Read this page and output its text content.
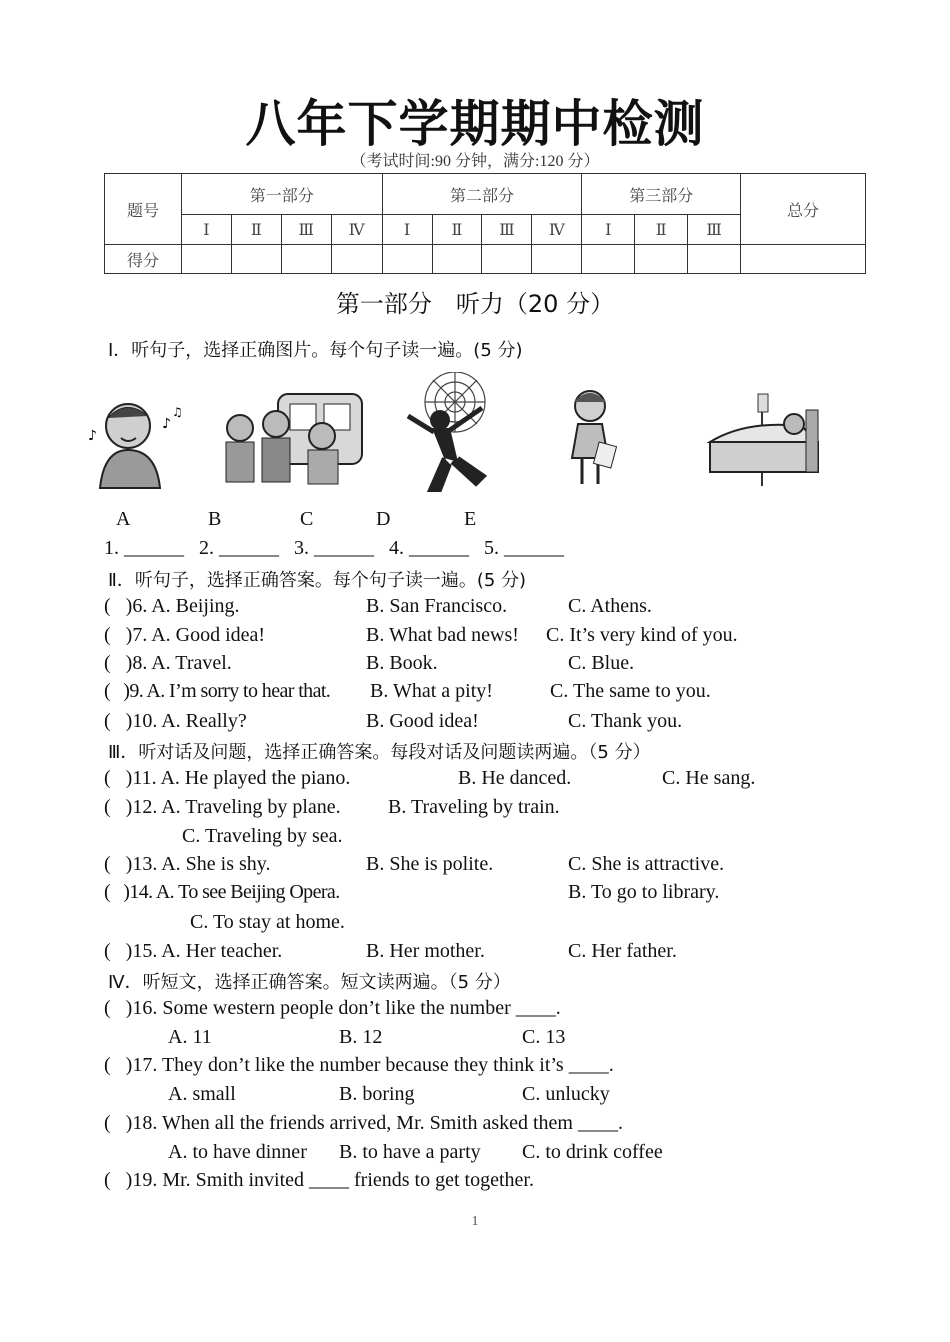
八年下学期期中检测
（考试时间:90 分钟，满分:120 分）
题号	第一部分				第二部分				第三部分			总分
	Ⅰ	Ⅱ	Ⅲ	Ⅳ	Ⅰ	Ⅱ	Ⅲ	Ⅳ	Ⅰ	Ⅱ	Ⅲ	
得分												
第一部分　听力（20 分）
Ⅰ．听句子，选择正确图片。每个句子读一遍。(5 分)
♪
♫
♪
A	B	C	D	E
1. ______   2. ______   3. ______   4. ______   5. ______
Ⅱ．听句子，选择正确答案。每个句子读一遍。(5 分)
(   )6. A. Beijing.	B. San Francisco.	C. Athens.
(   )7. A. Good idea!	B. What bad news! C. It’s very kind of you.
(   )8. A. Travel.	B. Book.	C. Blue.
(   )9. A. I’m sorry to hear that. B. What a pity!	C. The same to you.
(   )10. A. Really?	B. Good idea!	C. Thank you.
Ⅲ．听对话及问题，选择正确答案。每段对话及问题读两遍。（5 分）
(   )11. A. He played the piano.	B. He danced.	C. He sang.
(   )12. A. Traveling by plane. B. Traveling by train.
C. Traveling by sea.
(   )13. A. She is shy.	B. She is polite.	C. She is attractive.
(   )14. A. To see Beijing Opera.	B. To go to library.
C. To stay at home.
(   )15. A. Her teacher.	B. Her mother.	C. Her father.
Ⅳ．听短文，选择正确答案。短文读两遍。（5 分）
(   )16. Some western people don’t like the number ____.
A. 11	B. 12	C. 13
(   )17. They don’t like the number because they think it’s ____.
A. small	B. boring	C. unlucky
(   )18. When all the friends arrived, Mr. Smith asked them ____.
A. to have dinner B. to have a party C. to drink coffee
(   )19. Mr. Smith invited ____ friends to get together.
1
